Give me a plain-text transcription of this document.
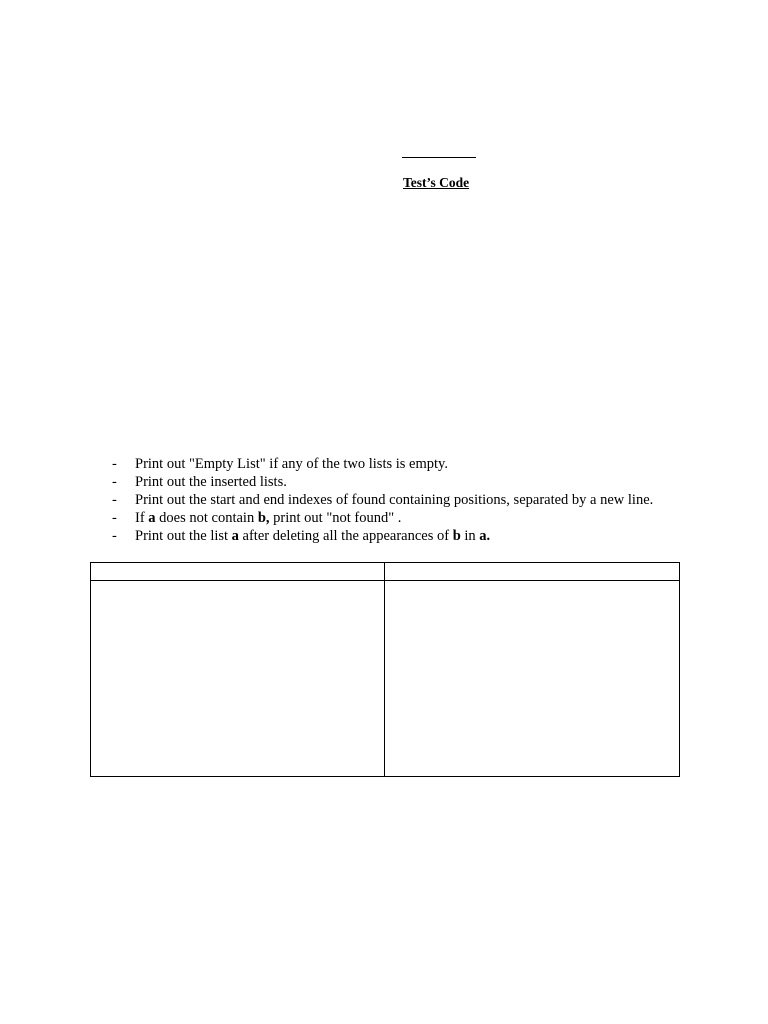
Test’s Code
- Print out "Empty List" if any of the two lists is empty.
- Print out the inserted lists.
- Print out the start and end indexes of found containing positions, separated by a new line.
- If a does not contain b, print out "not found" .
- Print out the list a after deleting all the appearances of b in a.
